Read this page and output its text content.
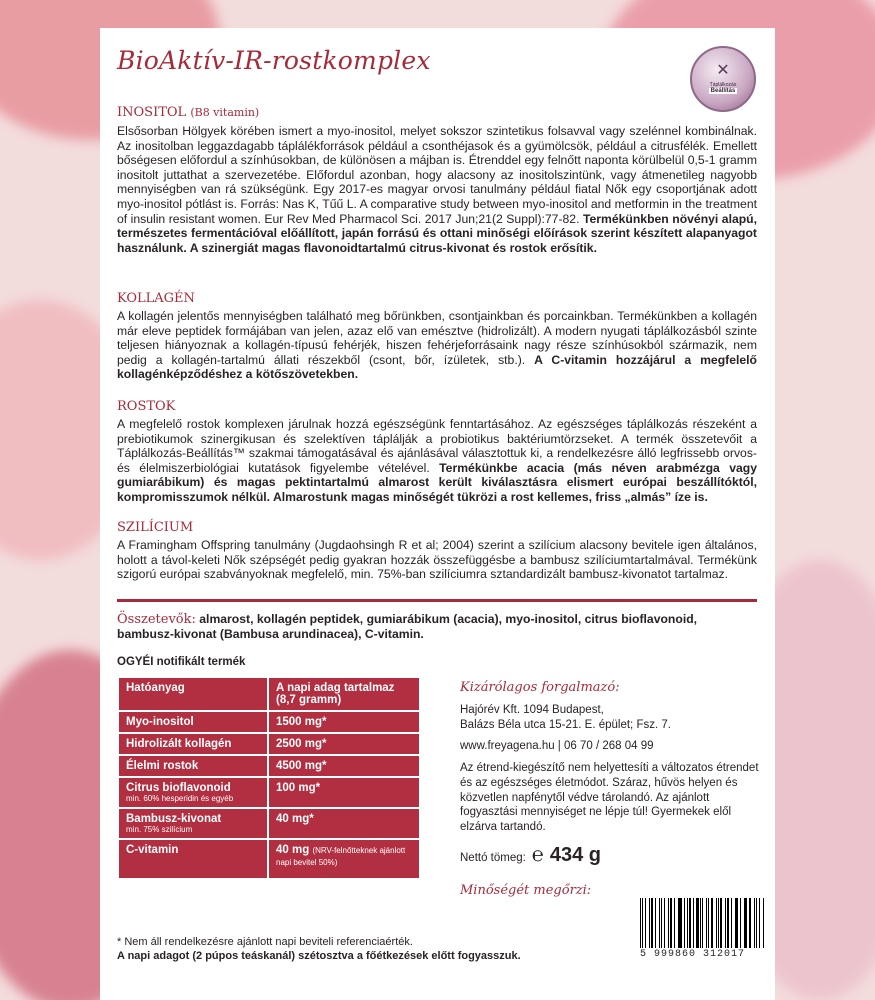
BioAktív-IR-rostkomplex	✕
Táplálkozás
Beállítás
INOSITOL (B8 vitamin)
Elsősorban Hölgyek körében ismert a myo-inositol, melyet sokszor szintetikus folsavval vagy szelénnel kombinálnak. Az inositolban leggazdagabb táplálékforrások például a csonthéjasok és a gyümölcsök, például a citrusfélék. Emellett bőségesen előfordul a színhúsokban, de különösen a májban is. Étrenddel egy felnőtt naponta körülbelül 0,5-1 gramm inositolt juttathat a szervezetébe. Előfordul azonban, hogy alacsony az inositolszintünk, vagy átmenetileg nagyobb mennyiségben van rá szükségünk. Egy 2017-es magyar orvosi tanulmány például fiatal Nők egy csoportjának adott myo-inositol pótlást is. Forrás: Nas K, Tűű L. A comparative study between myo-inositol and metformin in the treatment of insulin resistant women. Eur Rev Med Pharmacol Sci. 2017 Jun;21(2 Suppl):77-82. Termékünkben növényi alapú, természetes fermentációval előállított, japán forrású és ottani minőségi előírások szerint készített alapanyagot használunk. A szinergiát magas flavonoidtartalmú citrus-kivonat és rostok erősítik.
KOLLAGÉN
A kollagén jelentős mennyiségben található meg bőrünkben, csontjainkban és porcainkban. Termékünkben a kollagén már eleve peptidek formájában van jelen, azaz elő van emésztve (hidrolizált). A modern nyugati táplálkozásból szinte teljesen hiányoznak a kollagén-típusú fehérjék, hiszen fehérjeforrásaink nagy része színhúsokból származik, nem pedig a kollagén-tartalmú állati részekből (csont, bőr, ízületek, stb.). A C-vitamin hozzájárul a megfelelő kollagénképződéshez a kötőszövetekben.
ROSTOK
A megfelelő rostok komplexen járulnak hozzá egészségünk fenntartásához. Az egészséges táplálkozás részeként a prebiotikumok szinergikusan és szelektíven táplálják a probiotikus baktériumtörzseket. A termék összetevőit a Táplálkozás-Beállítás™ szakmai támogatásával és ajánlásával választottuk ki, a rendelkezésre álló legfrissebb orvos- és élelmiszerbiológiai kutatások figyelembe vételével. Termékünkbe acacia (más néven arabmézga vagy gumiarábikum) és magas pektintartalmú almarost került kiválasztásra elismert európai beszállítóktól, kompromisszumok nélkül. Almarostunk magas minőségét tükrözi a rost kellemes, friss „almás” íze is.
SZILÍCIUM
A Framingham Offspring tanulmány (Jugdaohsingh R et al; 2004) szerint a szilícium alacsony bevitele igen általános, holott a távol-keleti Nők szépségét pedig gyakran hozzák összefüggésbe a bambusz szilíciumtartalmával. Termékünk szigorú európai szabványoknak megfelelő, min. 75%-ban szilíciumra sztandardizált bambusz-kivonatot tartalmaz.
Összetevők: almarost, kollagén peptidek, gumiarábikum (acacia), myo-inositol, citrus bioflavonoid, bambusz-kivonat (Bambusa arundinacea), C-vitamin.
OGYÉI notifikált termék
Hatóanyag	A napi adag tartalmaz (8,7 gramm)
Myo-inositol	1500 mg*
Hidrolizált kollagén	2500 mg*
Élelmi rostok	4500 mg*
Citrus bioflavonoid
min. 60% hesperidin és egyéb	100 mg*
Bambusz-kivonat
min. 75% szilícium	40 mg*
C-vitamin	40 mg (NRV-felnőtteknek ajánlott napi bevitel 50%)
Kizárólagos forgalmazó:
Hajórév Kft. 1094 Budapest,
Balázs Béla utca 15-21. E. épület; Fsz. 7.
www.freyagena.hu | 06 70 / 268 04 99
Az étrend-kiegészítő nem helyettesíti a változatos étrendet és az egészséges életmódot. Száraz, hűvös helyen és közvetlen napfénytől védve tárolandó. Az ajánlott fogyasztási mennyiséget ne lépje túl! Gyermekek elől elzárva tartandó.
Nettó tömeg: ℮ 434 g
Minőségét megőrzi:
5 999860 312017
* Nem áll rendelkezésre ajánlott napi beviteli referenciaérték.
A napi adagot (2 púpos teáskanál) szétosztva a főétkezések előtt fogyasszuk.
